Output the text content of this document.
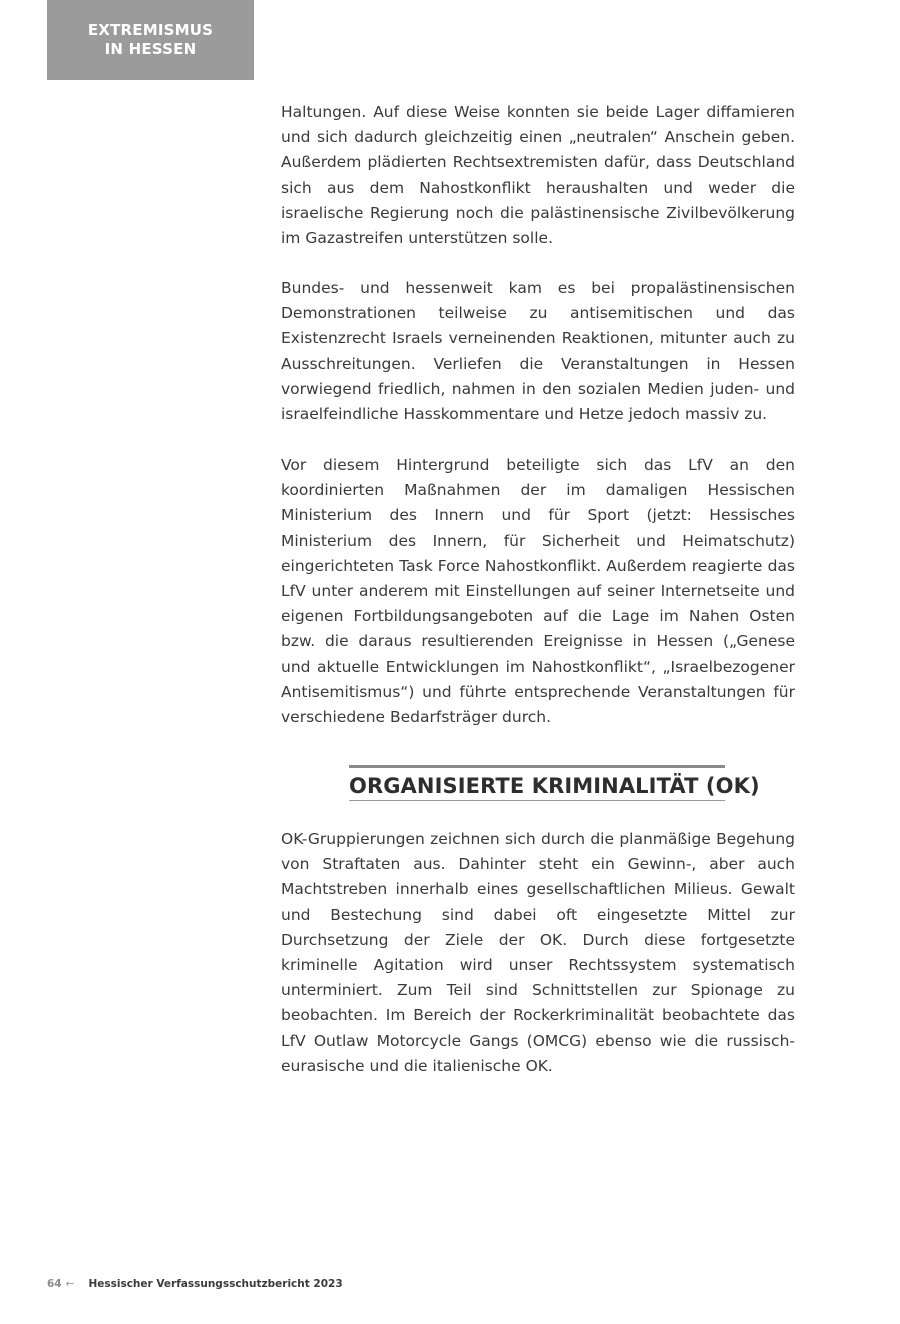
EXTREMISMUS
IN HESSEN

Haltungen. Auf diese Weise konnten sie beide Lager diffamieren und sich dadurch gleichzeitig einen „neutralen“ Anschein geben. Außerdem plädierten Rechtsextremisten dafür, dass Deutschland sich aus dem Nahostkonflikt heraushalten und weder die israelische Regierung noch die palästinensische Zivilbevölkerung im Gazastreifen unterstützen solle.

Bundes- und hessenweit kam es bei propalästinensischen Demonstrationen teilweise zu antisemitischen und das Existenzrecht Israels verneinenden Reaktionen, mitunter auch zu Ausschreitungen. Verliefen die Veranstaltungen in Hessen vorwiegend friedlich, nahmen in den sozialen Medien juden- und israelfeindliche Hasskommentare und Hetze jedoch massiv zu.

Vor diesem Hintergrund beteiligte sich das LfV an den koordinierten Maßnahmen der im damaligen Hessischen Ministerium des Innern und für Sport (jetzt: Hessisches Ministerium des Innern, für Sicherheit und Heimatschutz) eingerichteten Task Force Nahostkonflikt. Außerdem reagierte das LfV unter anderem mit Einstellungen auf seiner Internetseite und eigenen Fortbildungsangeboten auf die Lage im Nahen Osten bzw. die daraus resultierenden Ereignisse in Hessen („Genese und aktuelle Entwicklungen im Nahostkonflikt“, „Israelbezogener Antisemitismus“) und führte entsprechende Veranstaltungen für verschiedene Bedarfsträger durch.

ORGANISIERTE KRIMINALITÄT (OK)

OK-Gruppierungen zeichnen sich durch die planmäßige Begehung von Straftaten aus. Dahinter steht ein Gewinn-, aber auch Machtstreben innerhalb eines gesellschaftlichen Milieus. Gewalt und Bestechung sind dabei oft eingesetzte Mittel zur Durchsetzung der Ziele der OK. Durch diese fortgesetzte kriminelle Agitation wird unser Rechtssystem systematisch unterminiert. Zum Teil sind Schnittstellen zur Spionage zu beobachten. Im Bereich der Rockerkriminalität beobachtete das LfV Outlaw Motorcycle Gangs (OMCG) ebenso wie die russisch-eurasische und die italienische OK.

64 ← Hessischer Verfassungsschutzbericht 2023
